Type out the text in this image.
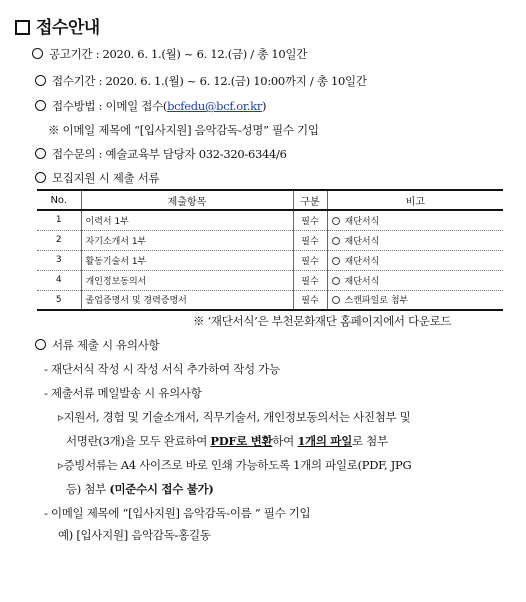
접수안내
공고기간 : 2020. 6. 1.(월) ~ 6. 12.(금) / 총 10일간
접수기간 : 2020. 6. 1.(월) ~ 6. 12.(금) 10:00까지 / 총 10일간
접수방법 : 이메일 접수(bcfedu@bcf.or.kr)
※ 이메일 제목에 “[입사지원] 음악감독-성명” 필수 기입
접수문의 : 예술교육부 담당자 032-320-6344/6
모집지원 시 제출 서류
No.	제출항목	구분	비고
1	이력서 1부	필수	재단서식
2	자기소개서 1부	필수	재단서식
3	활동기술서 1부	필수	재단서식
4	개인정보동의서	필수	재단서식
5	졸업증명서 및 경력증명서	필수	스캔파일로 첨부
※ ‘재단서식’은 부천문화재단 홈페이지에서 다운로드
서류 제출 시 유의사항
- 재단서식 작성 시 작성 서식 추가하여 작성 가능
- 제출서류 메일발송 시 유의사항
▹지원서, 경험 및 기술소개서, 직무기술서, 개인정보동의서는 사진첨부 및
서명란(3개)을 모두 완료하여 PDF로 변환하여 1개의 파일로 첨부
▹증빙서류는 A4 사이즈로 바로 인쇄 가능하도록 1개의 파일로(PDF, JPG
등) 첨부 (미준수시 접수 불가)
- 이메일 제목에 “[입사지원] 음악감독-이름 ” 필수 기입
예) [입사지원] 음악감독-홍길동
